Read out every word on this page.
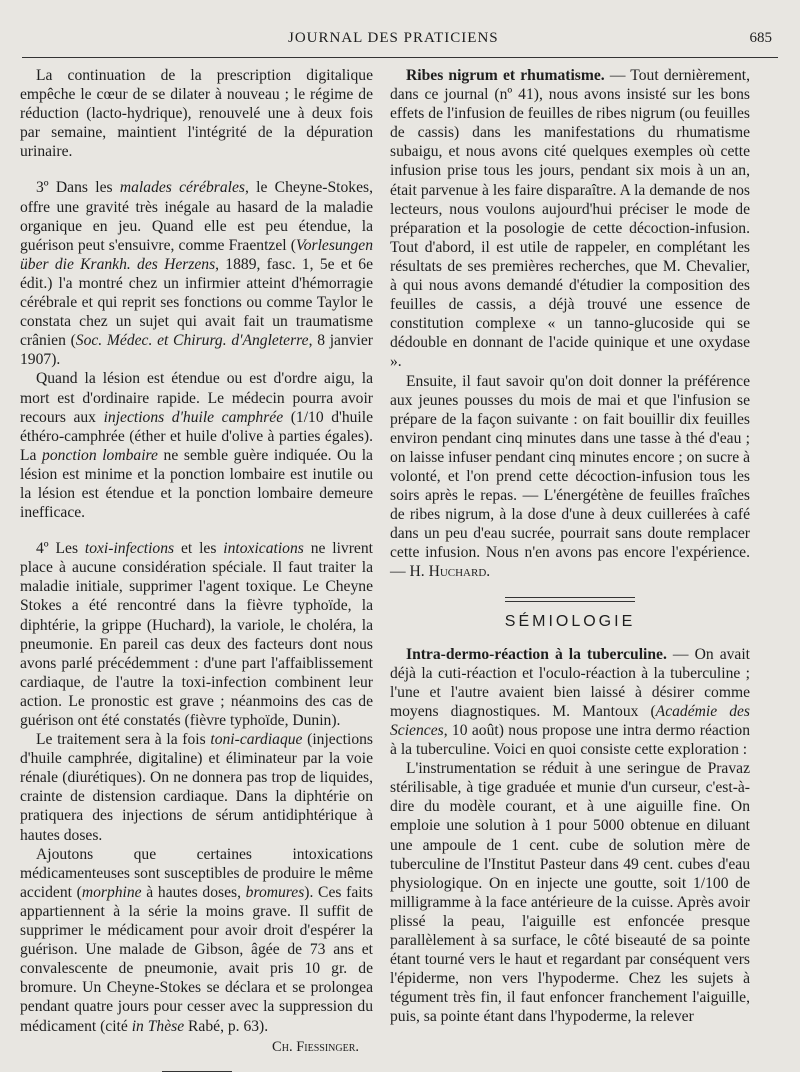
JOURNAL DES PRATICIENS	685

La continuation de la prescription digitalique empêche le cœur de se dilater à nouveau ; le régime de réduction (lacto-hydrique), renouvelé une à deux fois par semaine, maintient l'intégrité de la dépuration urinaire.

3º Dans les malades cérébrales, le Cheyne-Stokes, offre une gravité très inégale au hasard de la maladie organique en jeu. Quand elle est peu étendue, la guérison peut s'ensuivre, comme Fraentzel (Vorlesungen über die Krankh. des Herzens, 1889, fasc. 1, 5e et 6e édit.) l'a montré chez un infirmier atteint d'hémorragie cérébrale et qui reprit ses fonctions ou comme Taylor le constata chez un sujet qui avait fait un traumatisme crânien (Soc. Médec. et Chirurg. d'Angleterre, 8 janvier 1907).

Quand la lésion est étendue ou est d'ordre aigu, la mort est d'ordinaire rapide. Le médecin pourra avoir recours aux injections d'huile camphrée (1/10 d'huile éthéro-camphrée (éther et huile d'olive à parties égales). La ponction lombaire ne semble guère indiquée. Ou la lésion est minime et la ponction lombaire est inutile ou la lésion est étendue et la ponction lombaire demeure inefficace.

4º Les toxi-infections et les intoxications ne livrent place à aucune considération spéciale. Il faut traiter la maladie initiale, supprimer l'agent toxique. Le Cheyne Stokes a été rencontré dans la fièvre typhoïde, la diphtérie, la grippe (Huchard), la variole, le choléra, la pneumonie. En pareil cas deux des facteurs dont nous avons parlé précédemment : d'une part l'affaiblissement cardiaque, de l'autre la toxi-infection combinent leur action. Le pronostic est grave ; néanmoins des cas de guérison ont été constatés (fièvre typhoïde, Dunin).

Le traitement sera à la fois toni-cardiaque (injections d'huile camphrée, digitaline) et éliminateur par la voie rénale (diurétiques). On ne donnera pas trop de liquides, crainte de distension cardiaque. Dans la diphtérie on pratiquera des injections de sérum antidiphtérique à hautes doses.

Ajoutons que certaines intoxications médicamenteuses sont susceptibles de produire le même accident (morphine à hautes doses, bromures). Ces faits appartiennent à la série la moins grave. Il suffit de supprimer le médicament pour avoir droit d'espérer la guérison. Une malade de Gibson, âgée de 73 ans et convalescente de pneumonie, avait pris 10 gr. de bromure. Un Cheyne-Stokes se déclara et se prolongea pendant quatre jours pour cesser avec la suppression du médicament (cité in Thèse Rabé, p. 63).

Ch. Fiessinger.

Ribes nigrum et rhumatisme. — Tout dernièrement, dans ce journal (nº 41), nous avons insisté sur les bons effets de l'infusion de feuilles de ribes nigrum (ou feuilles de cassis) dans les manifestations du rhumatisme subaigu, et nous avons cité quelques exemples où cette infusion prise tous les jours, pendant six mois à un an, était parvenue à les faire disparaître. A la demande de nos lecteurs, nous voulons aujourd'hui préciser le mode de préparation et la posologie de cette décoction-infusion. Tout d'abord, il est utile de rappeler, en complétant les résultats de ses premières recherches, que M. Chevalier, à qui nous avons demandé d'étudier la composition des feuilles de cassis, a déjà trouvé une essence de constitution complexe « un tanno-glucoside qui se dédouble en donnant de l'acide quinique et une oxydase ».

Ensuite, il faut savoir qu'on doit donner la préférence aux jeunes pousses du mois de mai et que l'infusion se prépare de la façon suivante : on fait bouillir dix feuilles environ pendant cinq minutes dans une tasse à thé d'eau ; on laisse infuser pendant cinq minutes encore ; on sucre à volonté, et l'on prend cette décoction-infusion tous les soirs après le repas. — L'énergétène de feuilles fraîches de ribes nigrum, à la dose d'une à deux cuillerées à café dans un peu d'eau sucrée, pourrait sans doute remplacer cette infusion. Nous n'en avons pas encore l'expérience. — H. Huchard.

SÉMIOLOGIE

Intra-dermo-réaction à la tuberculine. — On avait déjà la cuti-réaction et l'oculo-réaction à la tuberculine ; l'une et l'autre avaient bien laissé à désirer comme moyens diagnostiques. M. Mantoux (Académie des Sciences, 10 août) nous propose une intra dermo réaction à la tuberculine. Voici en quoi consiste cette exploration :

L'instrumentation se réduit à une seringue de Pravaz stérilisable, à tige graduée et munie d'un curseur, c'est-à-dire du modèle courant, et à une aiguille fine. On emploie une solution à 1 pour 5000 obtenue en diluant une ampoule de 1 cent. cube de solution mère de tuberculine de l'Institut Pasteur dans 49 cent. cubes d'eau physiologique. On en injecte une goutte, soit 1/100 de milligramme à la face antérieure de la cuisse. Après avoir plissé la peau, l'aiguille est enfoncée presque parallèlement à sa surface, le côté biseauté de sa pointe étant tourné vers le haut et regardant par conséquent vers l'épiderme, non vers l'hypoderme. Chez les sujets à tégument très fin, il faut enfoncer franchement l'aiguille, puis, sa pointe étant dans l'hypoderme, la relever
